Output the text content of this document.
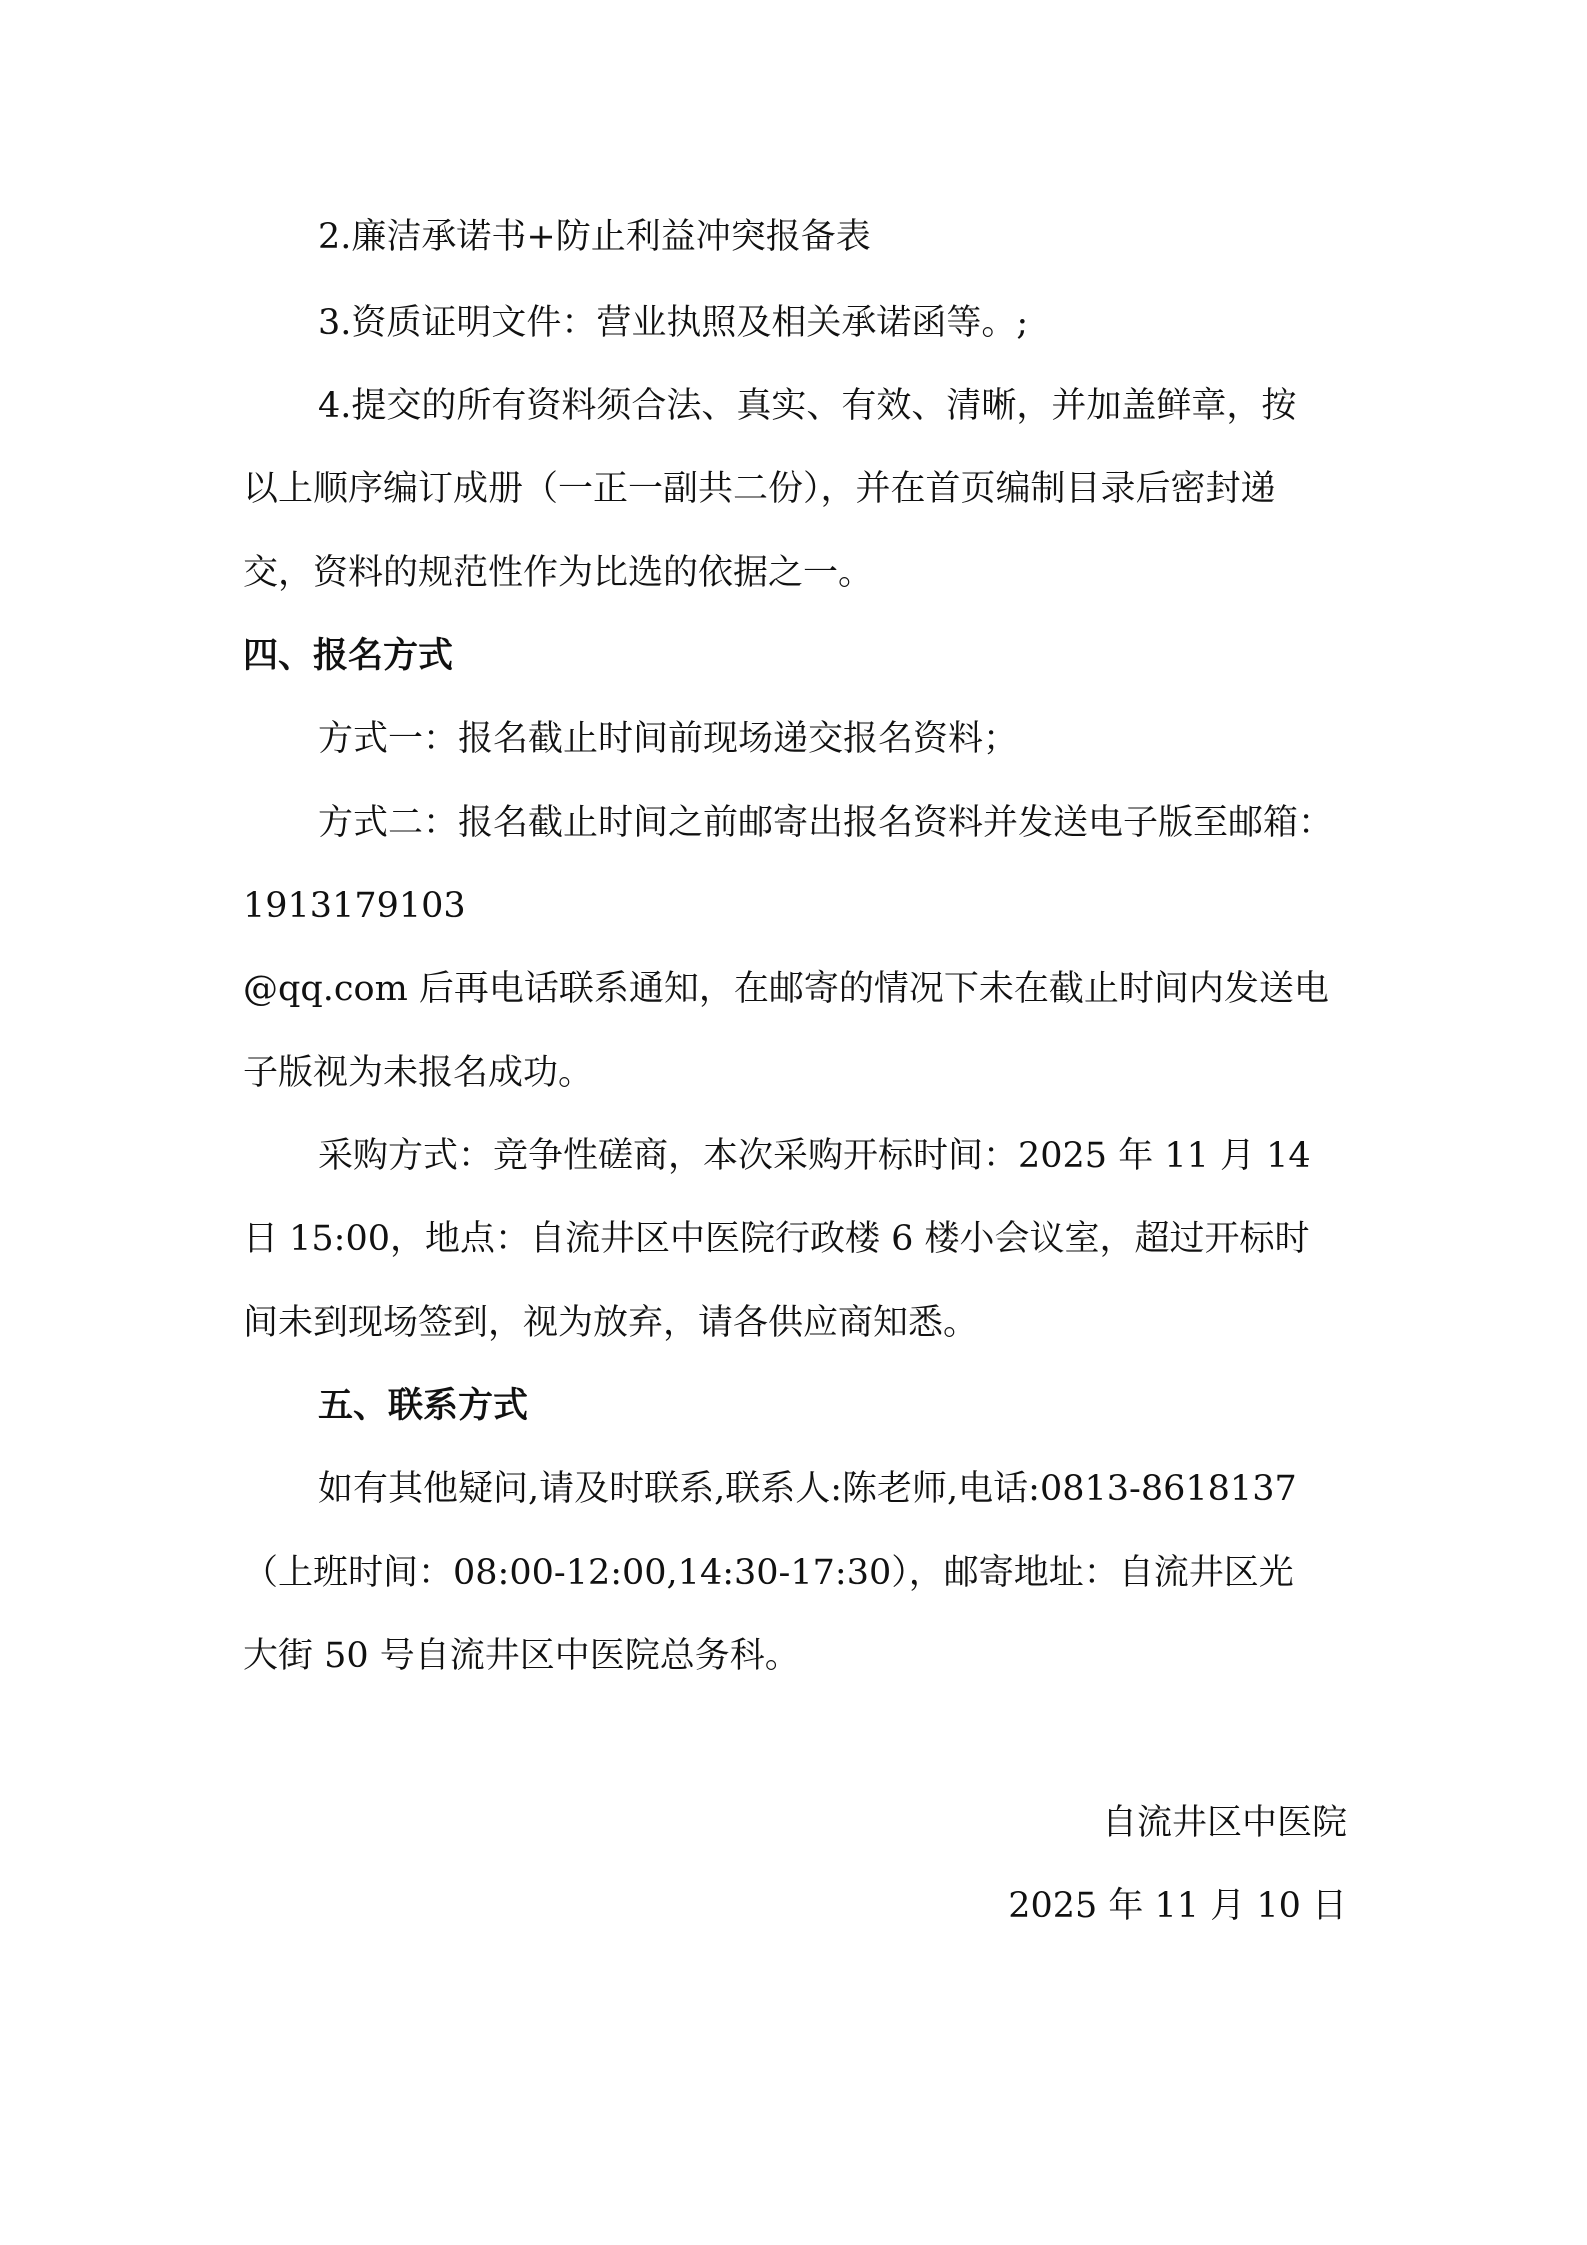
2.廉洁承诺书+防止利益冲突报备表

3.资质证明文件：营业执照及相关承诺函等。;

4.提交的所有资料须合法、真实、有效、清晰，并加盖鲜章，按

以上顺序编订成册（一正一副共二份），并在首页编制目录后密封递

交，资料的规范性作为比选的依据之一。

四、报名方式

方式一：报名截止时间前现场递交报名资料；

方式二：报名截止时间之前邮寄出报名资料并发送电子版至邮箱：

1913179103

@qq.com 后再电话联系通知，在邮寄的情况下未在截止时间内发送电

子版视为未报名成功。

采购方式：竞争性磋商，本次采购开标时间：2025 年 11 月 14

日 15:00，地点：自流井区中医院行政楼 6 楼小会议室，超过开标时

间未到现场签到，视为放弃，请各供应商知悉。

五、联系方式

如有其他疑问,请及时联系,联系人:陈老师,电话:0813-8618137

（上班时间：08:00-12:00,14:30-17:30），邮寄地址：自流井区光

大街 50 号自流井区中医院总务科。

自流井区中医院

2025 年 11 月 10 日
